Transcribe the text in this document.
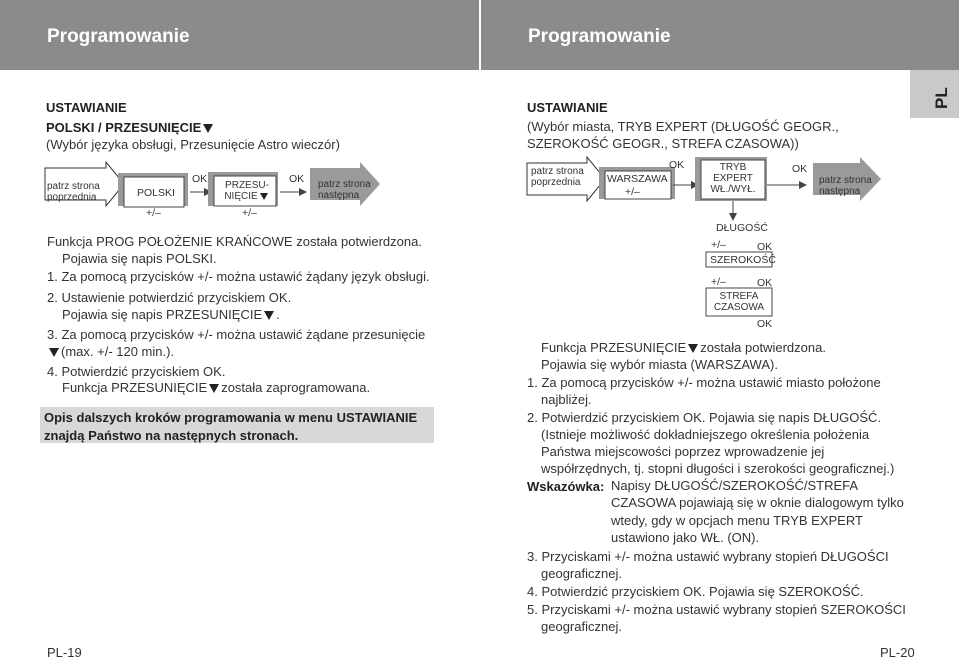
Programowanie	Programowanie
PL
USTAWIANIE
POLSKI / PRZESUNIĘCIE
(Wybór języka obsługi, Przesunięcie Astro wieczór)
patrz strona
poprzednia	POLSKI
OK
+/–
PRZESU-
NIĘCIE
OK
+/–
patrz strona
następna
Funkcja PROG POŁOŻENIE KRAŃCOWE została potwierdzona.
Pojawia się napis POLSKI.
1. Za pomocą przycisków +/- można ustawić żądany język obsługi.
2. Ustawienie potwierdzić przyciskiem OK.
Pojawia się napis PRZESUNIĘCIE .
3. Za pomocą przycisków +/- można ustawić żądane przesunięcie
(max. +/- 120 min.).
4. Potwierdzić przyciskiem OK.
Funkcja PRZESUNIĘCIE została zaprogramowana.
Opis dalszych kroków programowania w menu USTAWIANIE
znajdą Państwo na następnych stronach.
PL-19
USTAWIANIE
(Wybór miasta, TRYB EXPERT (DŁUGOŚĆ GEOGR.,
SZEROKOŚĆ GEOGR., STREFA CZASOWA))
patrz strona
poprzednia	WARSZAWA
OK
+/–
TRYB
EXPERT
WŁ./WYŁ.
OK
patrz strona
następna
DŁUGOŚĆ
+/–	OK
SZEROKOŚĆ
+/–	OK
STREFA
CZASOWA
OK
Funkcja PRZESUNIĘCIE została potwierdzona.
Pojawia się wybór miasta (WARSZAWA).
1. Za pomocą przycisków +/- można ustawić miasto położone
najbliżej.
2. Potwierdzić przyciskiem OK. Pojawia się napis DŁUGOŚĆ.
(Istnieje możliwość dokładniejszego określenia położenia
Państwa miejscowości poprzez wprowadzenie jej
współrzędnych, tj. stopni długości i szerokości geograficznej.)
Wskazówka: Napisy DŁUGOŚĆ/SZEROKOŚĆ/STREFA
CZASOWA pojawiają się w oknie dialogowym tylko
wtedy, gdy w opcjach menu TRYB EXPERT
ustawiono jako WŁ. (ON).
3. Przyciskami +/- można ustawić wybrany stopień DŁUGOŚCI
geograficznej.
4. Potwierdzić przyciskiem OK. Pojawia się SZEROKOŚĆ.
5. Przyciskami +/- można ustawić wybrany stopień SZEROKOŚCI
geograficznej.
PL-20
